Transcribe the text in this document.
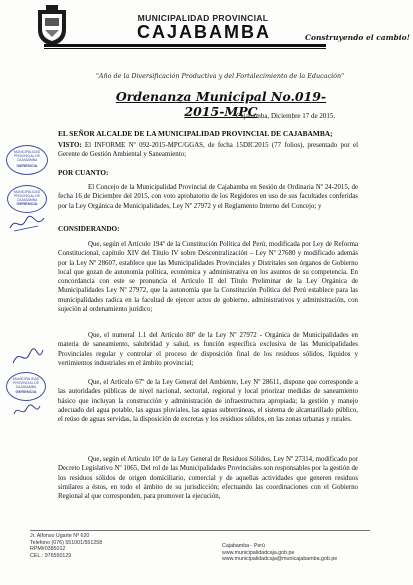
MUNICIPALIDAD PROVINCIAL
CAJABAMBA	Construyendo el cambio!
"Año de la Diversificación Productiva y del Fortalecimiento de la Educación"
Ordenanza Municipal No.019-2015-MPC
Cajabamba, Diciembre 17 de 2015.
EL SEÑOR ALCALDE DE LA MUNICIPALIDAD PROVINCIAL DE CAJABAMBA;
VISTO: El INFORME Nº 092-2015-MPC/GGAS, de fecha 15DIC2015 (77 folios), presentado por el Gerente de Gestión Ambiental y Saneamiento;
POR CUANTO:
El Concejo de la Municipalidad Provincial de Cajabamba en Sesión de Ordinaria Nº 24-2015, de fecha 16 de Diciembre del 2015, con voto aprobatorio de los Regidores en uso de sus facultades conferidas por la Ley Orgánica de Municipalidades, Ley Nº 27972 y el Reglamento Interno del Concejo; y
CONSIDERANDO:
Que, según el Artículo 194º de la Constitución Política del Perú, modificada por Ley de Reforma Constitucional, capítulo XIV del Título IV sobre Descentralización – Ley Nº 27680 y modificado además por la Ley Nº 28607, establece que las Municipalidades Provinciales y Distritales son órganos de Gobierno local que gozan de autonomía política, económica y administrativa en los asuntos de su competencia. En concordancia con este se pronuncia el Artículo II del Título Preliminar de la Ley Orgánica de Municipalidades Ley Nº 27972, que la autonomía que la Constitución Política del Perú establece para las municipalidades radica en la facultad de ejercer actos de gobierno, administrativos y administración, con sujeción al ordenamiento jurídico;
Que, el numeral 1.1 del Artículo 80º de la Ley Nº 27972 - Orgánica de Municipalidades en materia de saneamiento, salubridad y salud, es función específica exclusiva de las Municipalidades Provinciales regular y controlar el proceso de disposición final de los residuos sólidos, líquidos y vertimientos industriales en el ámbito provincial;
Que, el Artículo 67º de la Ley General del Ambiente, Ley Nº 28611, dispone que corresponde a las autoridades públicas de nivel nacional, sectorial, regional y local priorizar medidas de saneamiento básico que incluyan la construcción y administración de infraestructura apropiada; la gestión y manejo adecuado del agua potable, las aguas pluviales, las aguas subterráneas, el sistema de alcantarillado público, el reúso de aguas servidas, la disposición de excretas y los residuos sólidos, en las zonas urbanas y rurales.
Que, según el Artículo 10º de la Ley General de Residuos Sólidos, Ley Nº 27314, modificado por Decreto Legislativo Nº 1065, Del rol de las Municipalidades Provinciales son responsables por la gestión de los residuos sólidos de origen domiciliario, comercial y de aquellas actividades que generen residuos similares a éstos, en todo el ámbito de su jurisdicción; efectuando las coordinaciones con el Gobierno Regional al que corresponden, para promover la ejecución,
MUNICIPALIDAD PROVINCIAL DE CAJABAMBA
GERENCIA
MUNICIPALIDAD PROVINCIAL DE CAJABAMBA
GERENCIA
MUNICIPALIDAD PROVINCIAL DE CAJABAMBA
GERENCIA
Jr. Alfonso Ugarte Nº 620
Telefono (076) 551001/551258
RPM#0385012
CEL.: 976550129
Cajabamba - Perú
www.municipalidadcaja.gob.pe
www.municipalidadcaja@municajabamba.gob.pe
